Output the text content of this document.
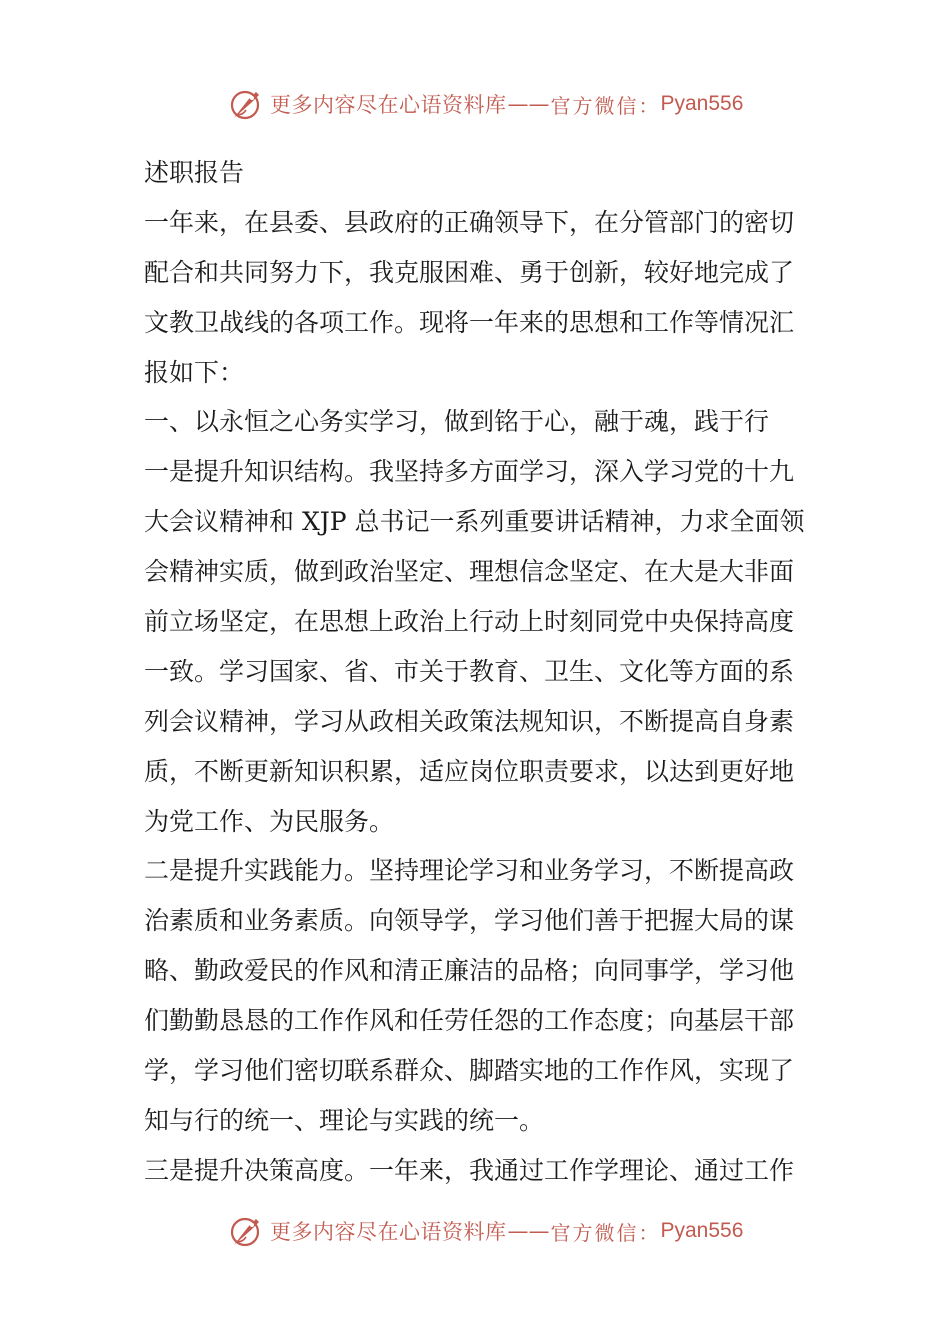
更多内容尽在心语资料库 —— 官方微信： Pyan556
述职报告
一年来，在县委、县政府的正确领导下，在分管部门的密切
配合和共同努力下，我克服困难、勇于创新，较好地完成了
文教卫战线的各项工作。现将一年来的思想和工作等情况汇
报如下：
一、以永恒之心务实学习，做到铭于心，融于魂，践于行
一是提升知识结构。我坚持多方面学习，深入学习党的十九
大会议精神和 XJP 总书记一系列重要讲话精神，力求全面领
会精神实质，做到政治坚定、理想信念坚定、在大是大非面
前立场坚定，在思想上政治上行动上时刻同党中央保持高度
一致。学习国家、省、市关于教育、卫生、文化等方面的系
列会议精神，学习从政相关政策法规知识，不断提高自身素
质，不断更新知识积累，适应岗位职责要求，以达到更好地
为党工作、为民服务。
二是提升实践能力。坚持理论学习和业务学习，不断提高政
治素质和业务素质。向领导学，学习他们善于把握大局的谋
略、勤政爱民的作风和清正廉洁的品格；向同事学，学习他
们勤勤恳恳的工作作风和任劳任怨的工作态度；向基层干部
学，学习他们密切联系群众、脚踏实地的工作作风，实现了
知与行的统一、理论与实践的统一。
三是提升决策高度。一年来，我通过工作学理论、通过工作
更多内容尽在心语资料库 —— 官方微信： Pyan556
